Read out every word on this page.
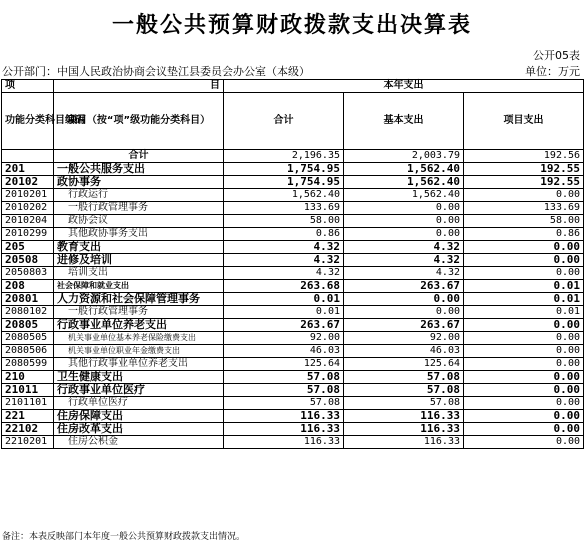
一般公共预算财政拨款支出决算表
公开05表
公开部门：中国人民政治协商会议垫江县委员会办公室（本级）	单位：万元
项	目	本年支出		
功能分类科目编码	项目（按“项”级功能分类科目）	合计	基本支出	项目支出
	合计	2,196.35	2,003.79	192.56
201	一般公共服务支出	1,754.95	1,562.40	192.55
20102	政协事务	1,754.95	1,562.40	192.55
2010201	行政运行	1,562.40	1,562.40	0.00
2010202	一般行政管理事务	133.69	0.00	133.69
2010204	政协会议	58.00	0.00	58.00
2010299	其他政协事务支出	0.86	0.00	0.86
205	教育支出	4.32	4.32	0.00
20508	进修及培训	4.32	4.32	0.00
2050803	培训支出	4.32	4.32	0.00
208	社会保障和就业支出	263.68	263.67	0.01
20801	人力资源和社会保障管理事务	0.01	0.00	0.01
2080102	一般行政管理事务	0.01	0.00	0.01
20805	行政事业单位养老支出	263.67	263.67	0.00
2080505	机关事业单位基本养老保险缴费支出	92.00	92.00	0.00
2080506	机关事业单位职业年金缴费支出	46.03	46.03	0.00
2080599	其他行政事业单位养老支出	125.64	125.64	0.00
210	卫生健康支出	57.08	57.08	0.00
21011	行政事业单位医疗	57.08	57.08	0.00
2101101	行政单位医疗	57.08	57.08	0.00
221	住房保障支出	116.33	116.33	0.00
22102	住房改革支出	116.33	116.33	0.00
2210201	住房公积金	116.33	116.33	0.00
备注：本表反映部门本年度一般公共预算财政拨款支出情况。
